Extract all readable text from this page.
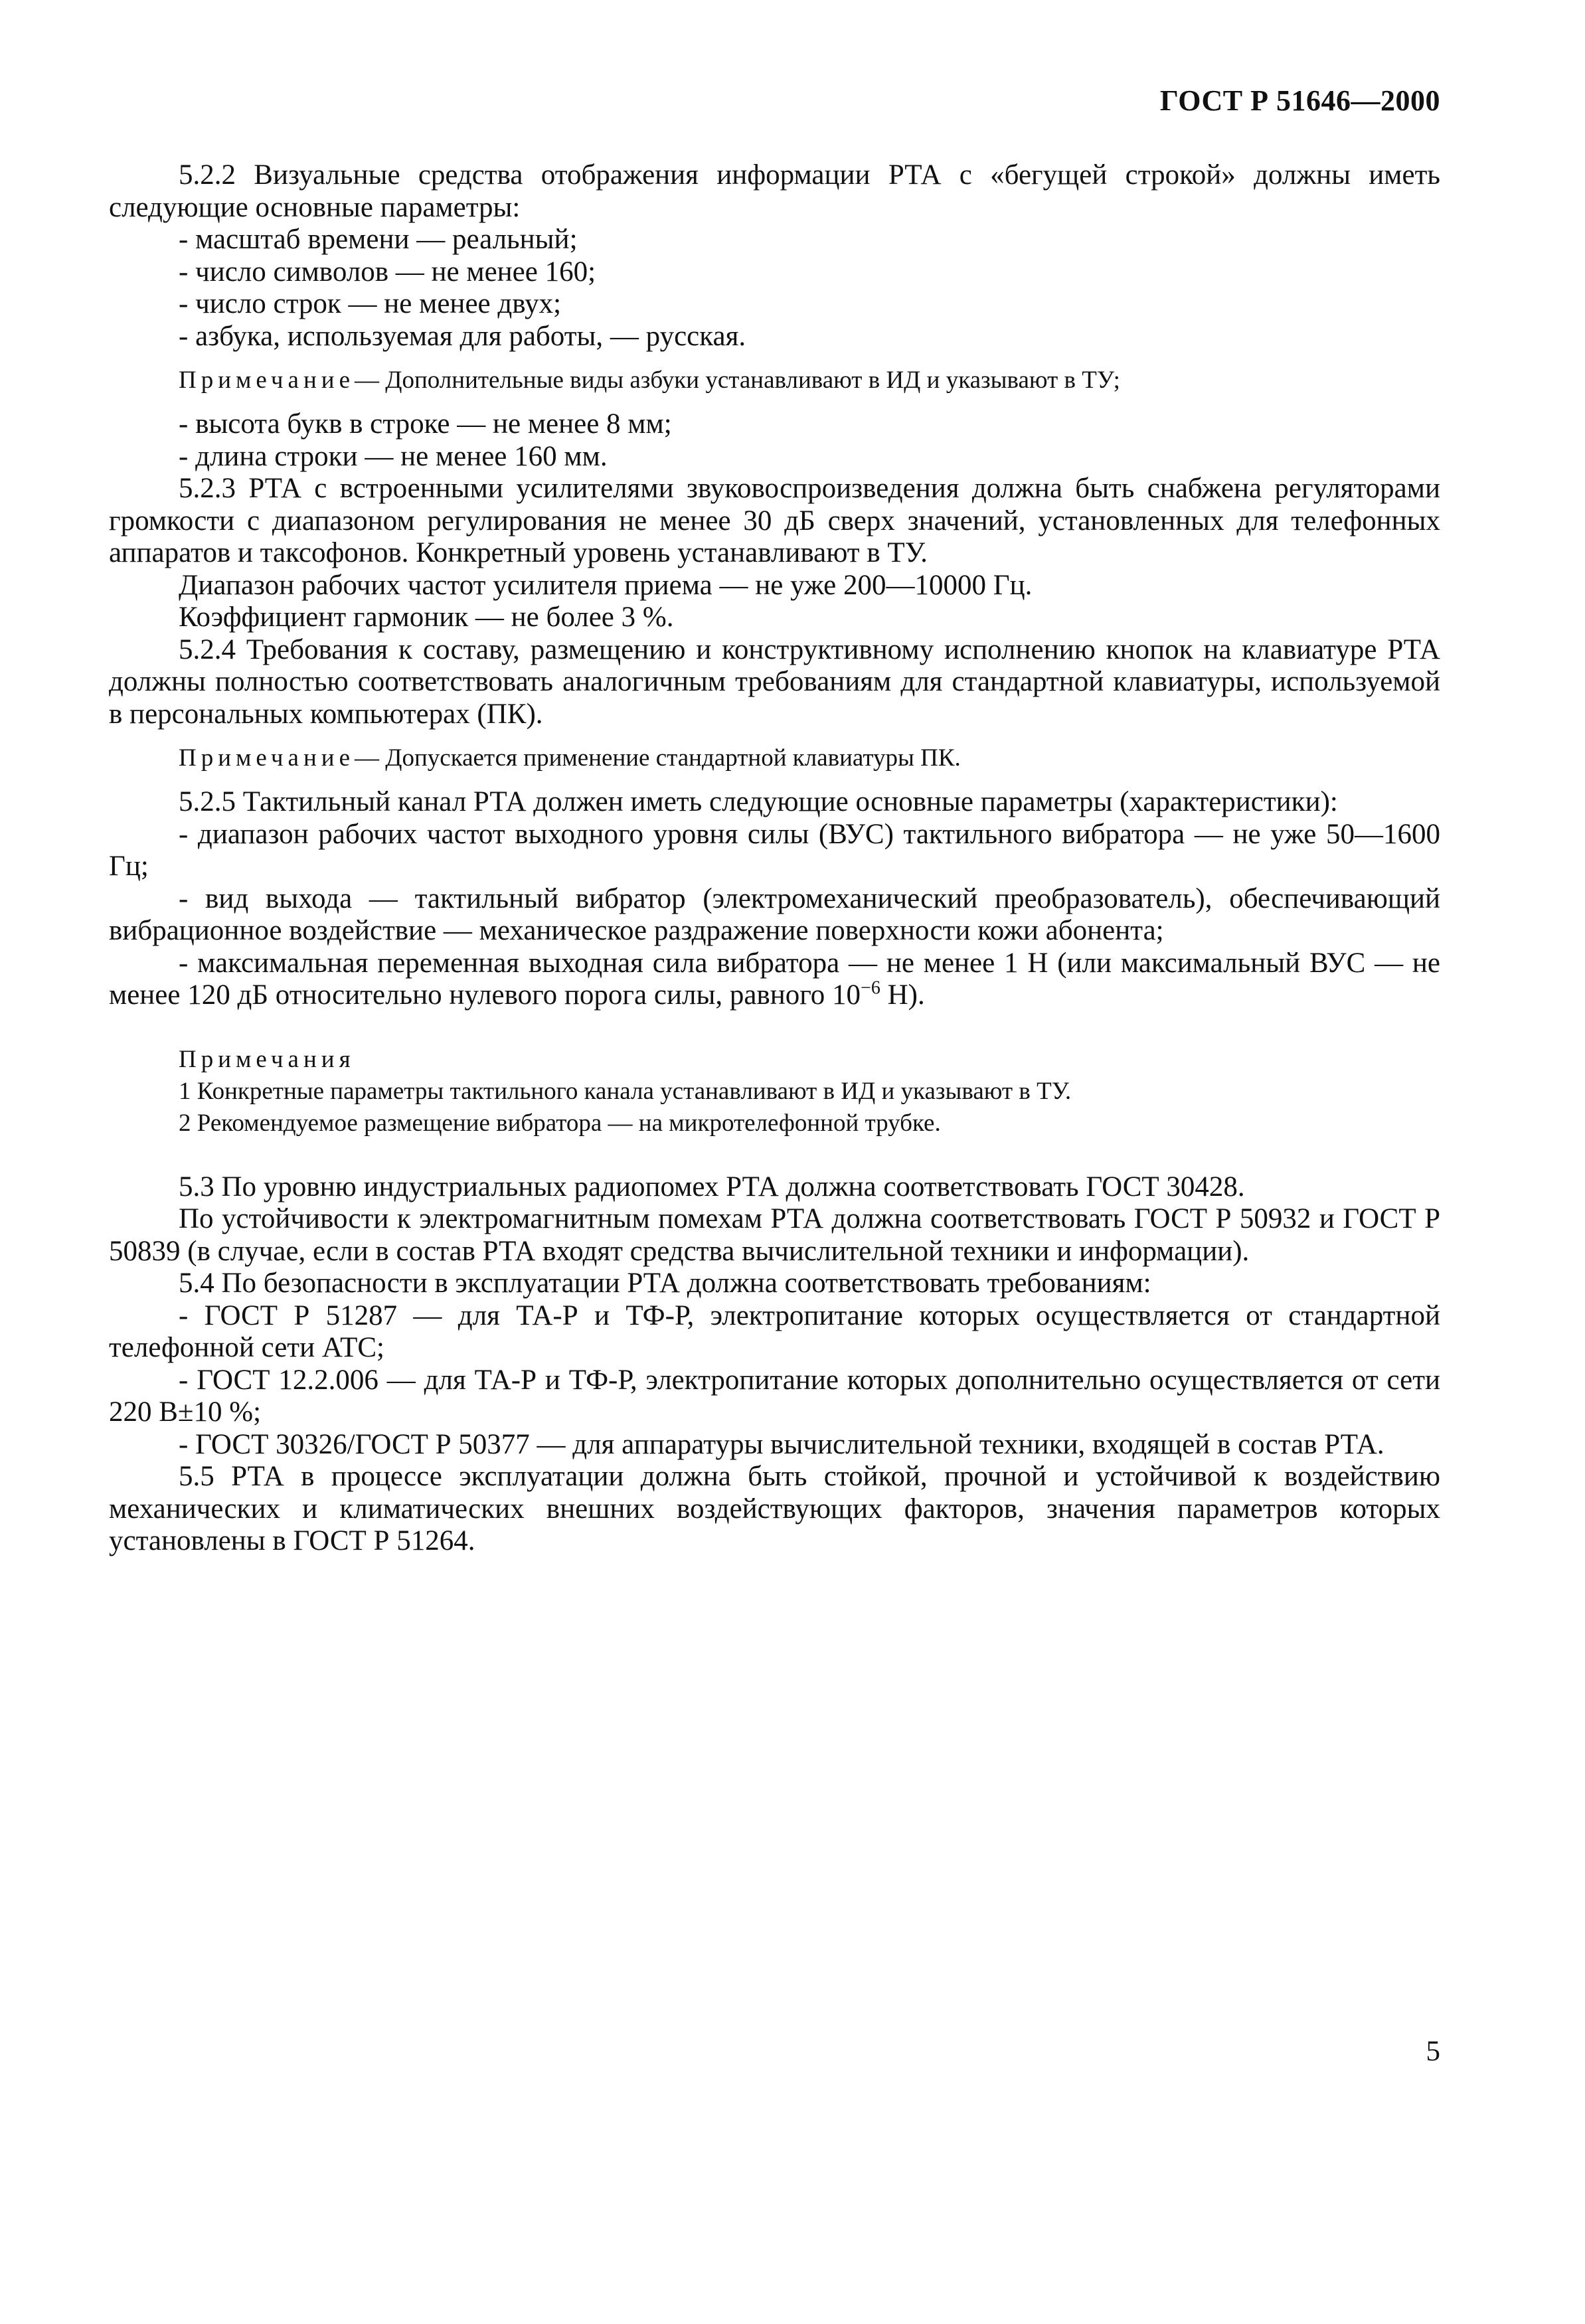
ГОСТ Р 51646—2000

5.2.2 Визуальные средства отображения информации РТА с «бегущей строкой» должны иметь следующие основные параметры:

- масштаб времени — реальный;

- число символов — не менее 160;

- число строк — не менее двух;

- азбука, используемая для работы, — русская.

Примечание— Дополнительные виды азбуки устанавливают в ИД и указывают в ТУ;

- высота букв в строке — не менее 8 мм;

- длина строки — не менее 160 мм.

5.2.3 РТА с встроенными усилителями звуковоспроизведения должна быть снабжена регуляторами громкости с диапазоном регулирования не менее 30 дБ сверх значений, установленных для телефонных аппаратов и таксофонов. Конкретный уровень устанавливают в ТУ.

Диапазон рабочих частот усилителя приема — не уже 200—10000 Гц.

Коэффициент гармоник — не более 3 %.

5.2.4 Требования к составу, размещению и конструктивному исполнению кнопок на клавиатуре РТА должны полностью соответствовать аналогичным требованиям для стандартной клавиатуры, используемой в персональных компьютерах (ПК).

Примечание— Допускается применение стандартной клавиатуры ПК.

5.2.5 Тактильный канал РТА должен иметь следующие основные параметры (характеристики):

- диапазон рабочих частот выходного уровня силы (ВУС) тактильного вибратора — не уже 50—1600 Гц;

- вид выхода — тактильный вибратор (электромеханический преобразователь), обеспечивающий вибрационное воздействие — механическое раздражение поверхности кожи абонента;

- максимальная переменная выходная сила вибратора — не менее 1 Н (или максимальный ВУС — не менее 120 дБ относительно нулевого порога силы, равного $10^{-6}$ Н).

Примечания

1 Конкретные параметры тактильного канала устанавливают в ИД и указывают в ТУ.

2 Рекомендуемое размещение вибратора — на микротелефонной трубке.

5.3 По уровню индустриальных радиопомех РТА должна соответствовать ГОСТ 30428.

По устойчивости к электромагнитным помехам РТА должна соответствовать ГОСТ Р 50932 и ГОСТ Р 50839 (в случае, если в состав РТА входят средства вычислительной техники и информации).

5.4 По безопасности в эксплуатации РТА должна соответствовать требованиям:

- ГОСТ Р 51287 — для ТА-Р и ТФ-Р, электропитание которых осуществляется от стандартной телефонной сети АТС;

- ГОСТ 12.2.006 — для ТА-Р и ТФ-Р, электропитание которых дополнительно осуществляется от сети 220 В±10 %;

- ГОСТ 30326/ГОСТ Р 50377 — для аппаратуры вычислительной техники, входящей в состав РТА.

5.5 РТА в процессе эксплуатации должна быть стойкой, прочной и устойчивой к воздействию механических и климатических внешних воздействующих факторов, значения параметров которых установлены в ГОСТ Р 51264.

5
